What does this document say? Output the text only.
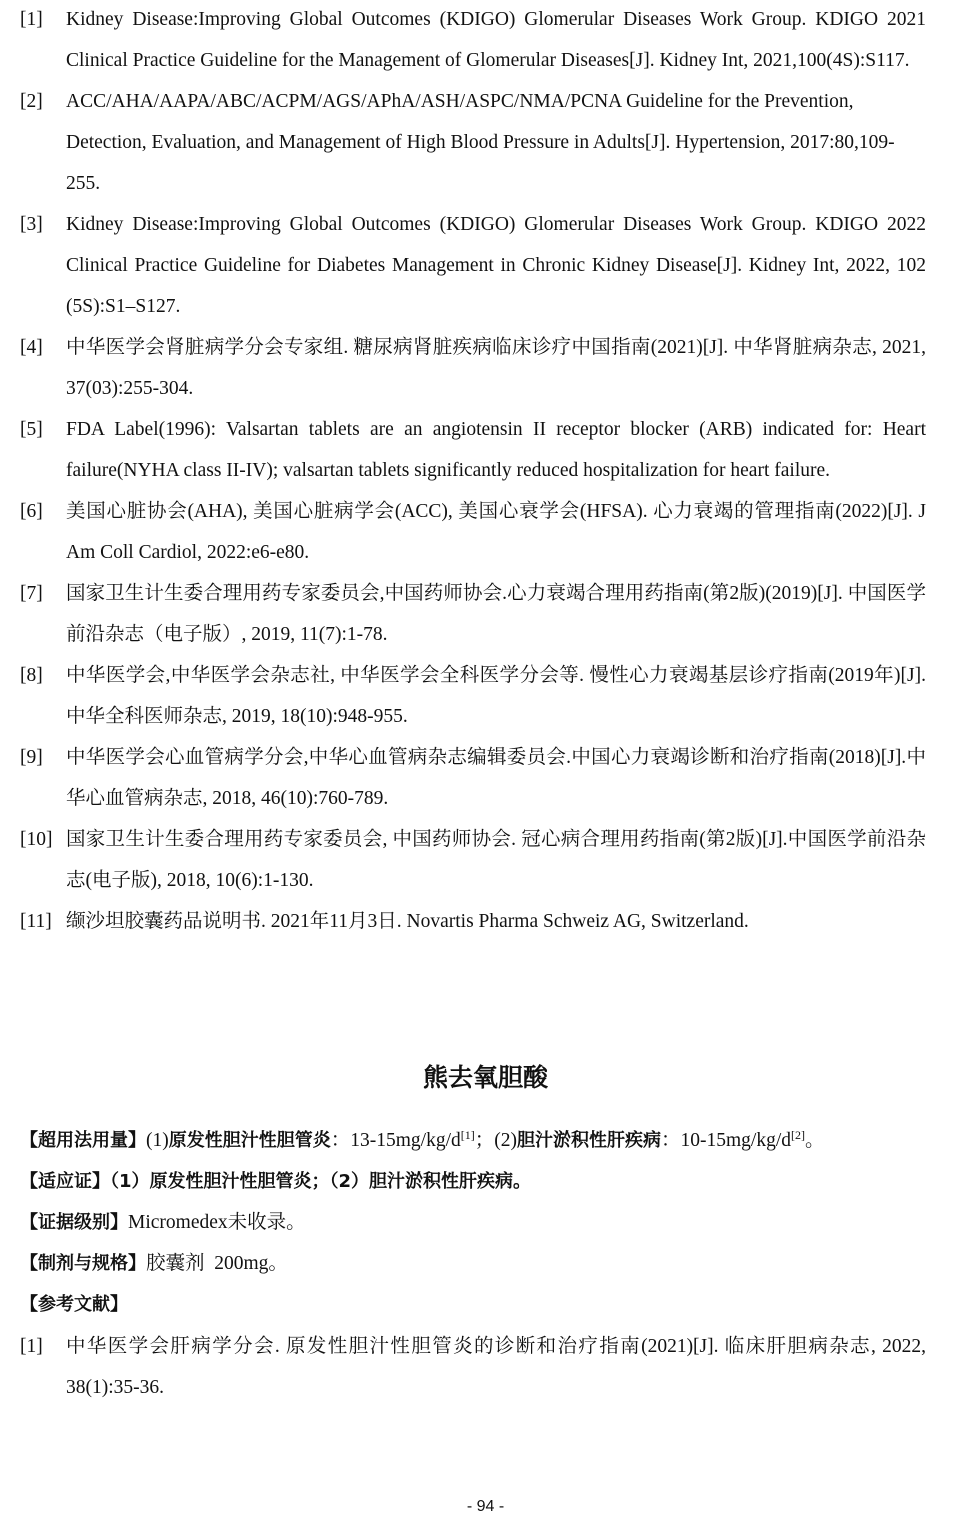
[1] Kidney Disease:Improving Global Outcomes (KDIGO) Glomerular Diseases Work Group. KDIGO 2021 Clinical Practice Guideline for the Management of Glomerular Diseases[J]. Kidney Int, 2021,100(4S):S117.
[2] ACC/AHA/AAPA/ABC/ACPM/AGS/APhA/ASH/ASPC/NMA/PCNA Guideline for the Prevention, Detection, Evaluation, and Management of High Blood Pressure in Adults[J]. Hypertension, 2017:80,109-255.
[3] Kidney Disease:Improving Global Outcomes (KDIGO) Glomerular Diseases Work Group. KDIGO 2022 Clinical Practice Guideline for Diabetes Management in Chronic Kidney Disease[J]. Kidney Int, 2022, 102 (5S):S1–S127.
[4] 中华医学会肾脏病学分会专家组. 糖尿病肾脏疾病临床诊疗中国指南(2021)[J]. 中华肾脏病杂志, 2021, 37(03):255-304.
[5] FDA Label(1996): Valsartan tablets are an angiotensin II receptor blocker (ARB) indicated for: Heart failure(NYHA class II-IV); valsartan tablets significantly reduced hospitalization for heart failure.
[6] 美国心脏协会(AHA), 美国心脏病学会(ACC), 美国心衰学会(HFSA). 心力衰竭的管理指南(2022)[J]. J Am Coll Cardiol, 2022:e6-e80.
[7] 国家卫生计生委合理用药专家委员会,中国药师协会.心力衰竭合理用药指南(第2版)(2019)[J]. 中国医学前沿杂志（电子版）, 2019, 11(7):1-78.
[8] 中华医学会,中华医学会杂志社, 中华医学会全科医学分会等. 慢性心力衰竭基层诊疗指南(2019年)[J]. 中华全科医师杂志, 2019, 18(10):948-955.
[9] 中华医学会心血管病学分会,中华心血管病杂志编辑委员会.中国心力衰竭诊断和治疗指南(2018)[J].中华心血管病杂志, 2018, 46(10):760-789.
[10] 国家卫生计生委合理用药专家委员会, 中国药师协会. 冠心病合理用药指南(第2版)[J].中国医学前沿杂志(电子版), 2018, 10(6):1-130.
[11] 缬沙坦胶囊药品说明书. 2021年11月3日. Novartis Pharma Schweiz AG, Switzerland.
熊去氧胆酸
【超用法用量】(1)原发性胆汁性胆管炎：13-15mg/kg/d[1]；(2)胆汁淤积性肝疾病：10-15mg/kg/d[2]。
【适应证】（1）原发性胆汁性胆管炎；（2）胆汁淤积性肝疾病。
【证据级别】Micromedex未收录。
【制剂与规格】胶囊剂  200mg。
【参考文献】
[1] 中华医学会肝病学分会. 原发性胆汁性胆管炎的诊断和治疗指南(2021)[J]. 临床肝胆病杂志, 2022, 38(1):35-36.
- 94 -
